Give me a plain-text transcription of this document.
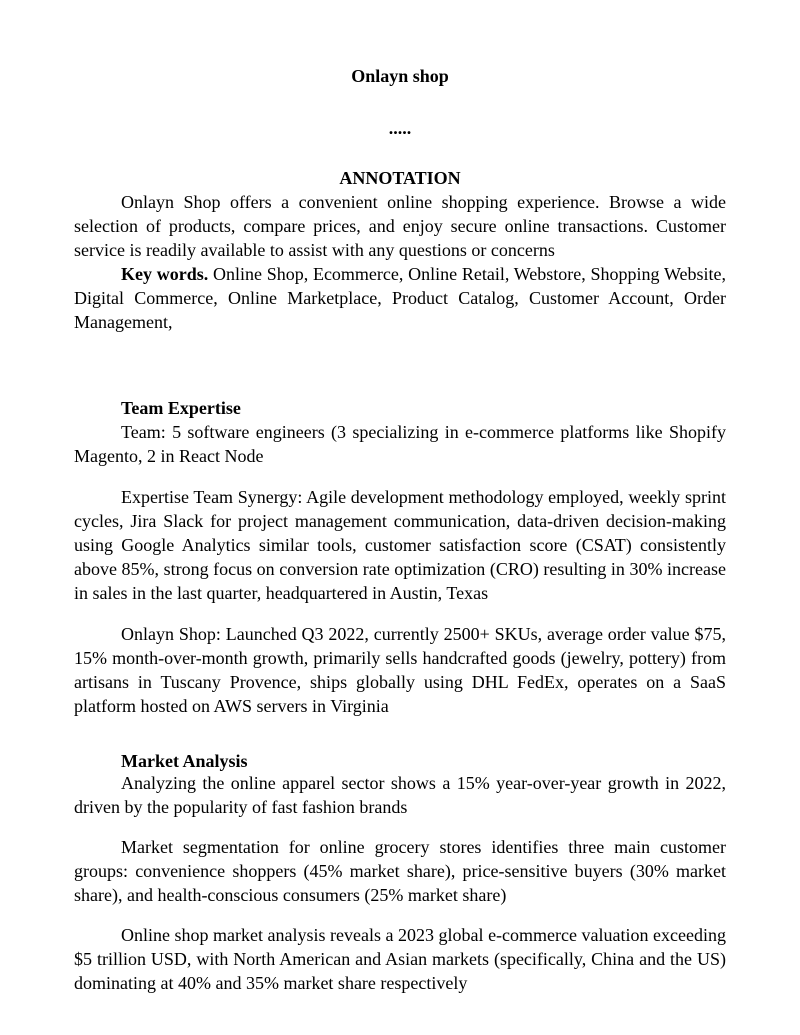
Onlayn shop
.....
ANNOTATION

Onlayn Shop offers a convenient online shopping experience. Browse a wide selection of products, compare prices, and enjoy secure online transactions. Customer service is readily available to assist with any questions or concerns

Key words. Online Shop, Ecommerce, Online Retail, Webstore, Shopping Website, Digital Commerce, Online Marketplace, Product Catalog, Customer Account, Order Management,

Team Expertise

Team: 5 software engineers (3 specializing in e-commerce platforms like Shopify Magento, 2 in React Node

Expertise Team Synergy: Agile development methodology employed, weekly sprint cycles, Jira Slack for project management communication, data-driven decision-making using Google Analytics similar tools, customer satisfaction score (CSAT) consistently above 85%, strong focus on conversion rate optimization (CRO) resulting in 30% increase in sales in the last quarter, headquartered in Austin, Texas

Onlayn Shop: Launched Q3 2022, currently 2500+ SKUs, average order value $75, 15% month-over-month growth, primarily sells handcrafted goods (jewelry, pottery) from artisans in Tuscany Provence, ships globally using DHL FedEx, operates on a SaaS platform hosted on AWS servers in Virginia

Market Analysis

Analyzing the online apparel sector shows a 15% year-over-year growth in 2022, driven by the popularity of fast fashion brands

Market segmentation for online grocery stores identifies three main customer groups: convenience shoppers (45% market share), price-sensitive buyers (30% market share), and health-conscious consumers (25% market share)

Online shop market analysis reveals a 2023 global e-commerce valuation exceeding $5 trillion USD, with North American and Asian markets (specifically, China and the US) dominating at 40% and 35% market share respectively
